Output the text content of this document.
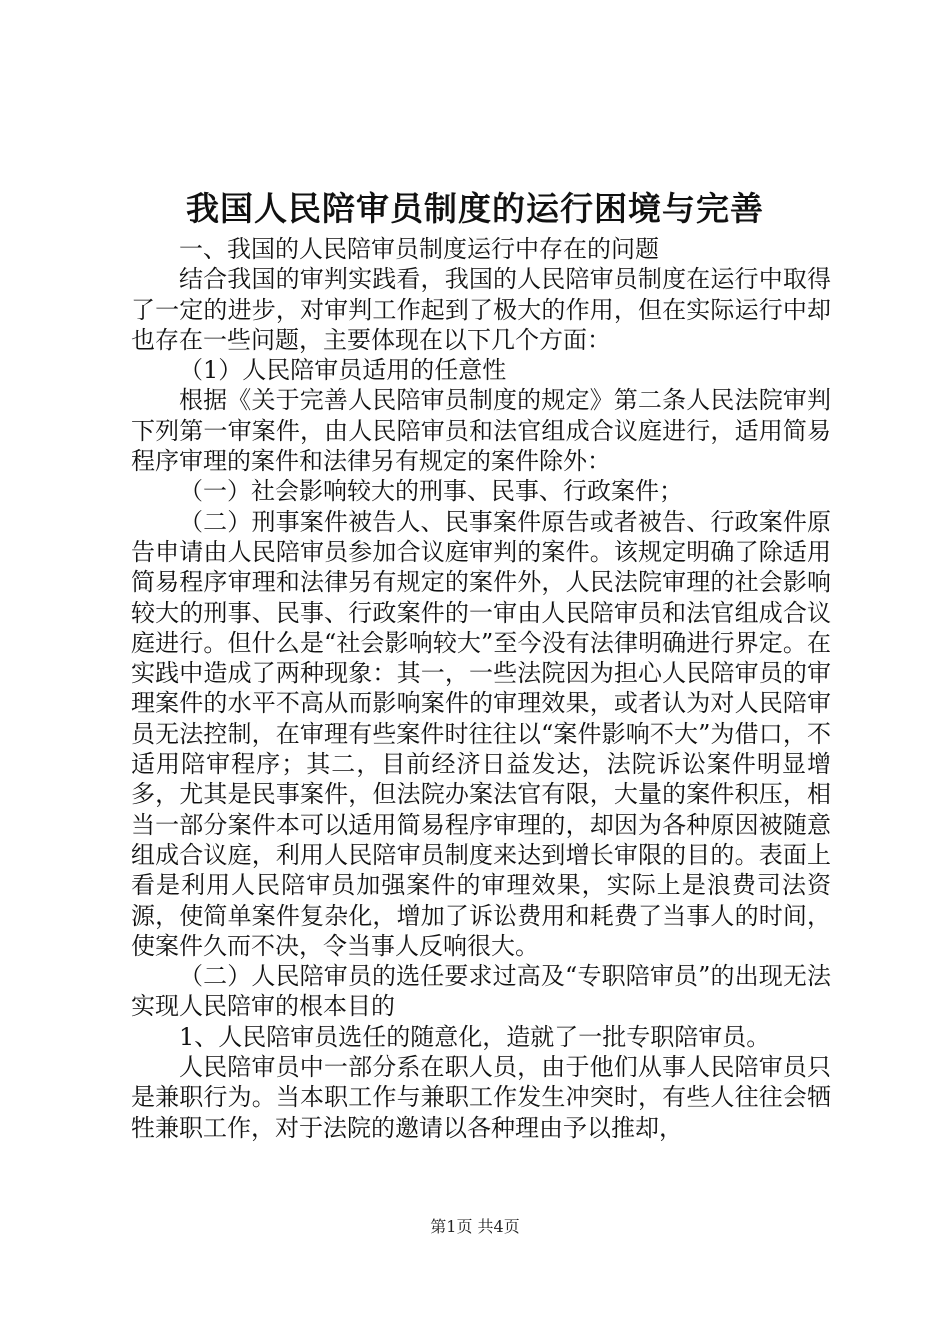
我国人民陪审员制度的运行困境与完善

一、我国的人民陪审员制度运行中存在的问题

结合我国的审判实践看，我国的人民陪审员制度在运行中取得了一定的进步，对审判工作起到了极大的作用，但在实际运行中却也存在一些问题，主要体现在以下几个方面：

（1）人民陪审员适用的任意性

根据《关于完善人民陪审员制度的规定》第二条人民法院审判下列第一审案件，由人民陪审员和法官组成合议庭进行，适用简易程序审理的案件和法律另有规定的案件除外：

（一）社会影响较大的刑事、民事、行政案件；

（二）刑事案件被告人、民事案件原告或者被告、行政案件原告申请由人民陪审员参加合议庭审判的案件。该规定明确了除适用简易程序审理和法律另有规定的案件外，人民法院审理的社会影响较大的刑事、民事、行政案件的一审由人民陪审员和法官组成合议庭进行。但什么是“社会影响较大”至今没有法律明确进行界定。在实践中造成了两种现象：其一，一些法院因为担心人民陪审员的审理案件的水平不高从而影响案件的审理效果，或者认为对人民陪审员无法控制，在审理有些案件时往往以“案件影响不大”为借口，不适用陪审程序；其二，目前经济日益发达，法院诉讼案件明显增多，尤其是民事案件，但法院办案法官有限，大量的案件积压，相当一部分案件本可以适用简易程序审理的，却因为各种原因被随意组成合议庭，利用人民陪审员制度来达到增长审限的目的。表面上看是利用人民陪审员加强案件的审理效果，实际上是浪费司法资源，使简单案件复杂化，增加了诉讼费用和耗费了当事人的时间，使案件久而不决，令当事人反响很大。

（二）人民陪审员的选任要求过高及“专职陪审员”的出现无法实现人民陪审的根本目的

1、人民陪审员选任的随意化，造就了一批专职陪审员。

人民陪审员中一部分系在职人员，由于他们从事人民陪审员只是兼职行为。当本职工作与兼职工作发生冲突时，有些人往往会牺牲兼职工作，对于法院的邀请以各种理由予以推却，

第1页 共4页
